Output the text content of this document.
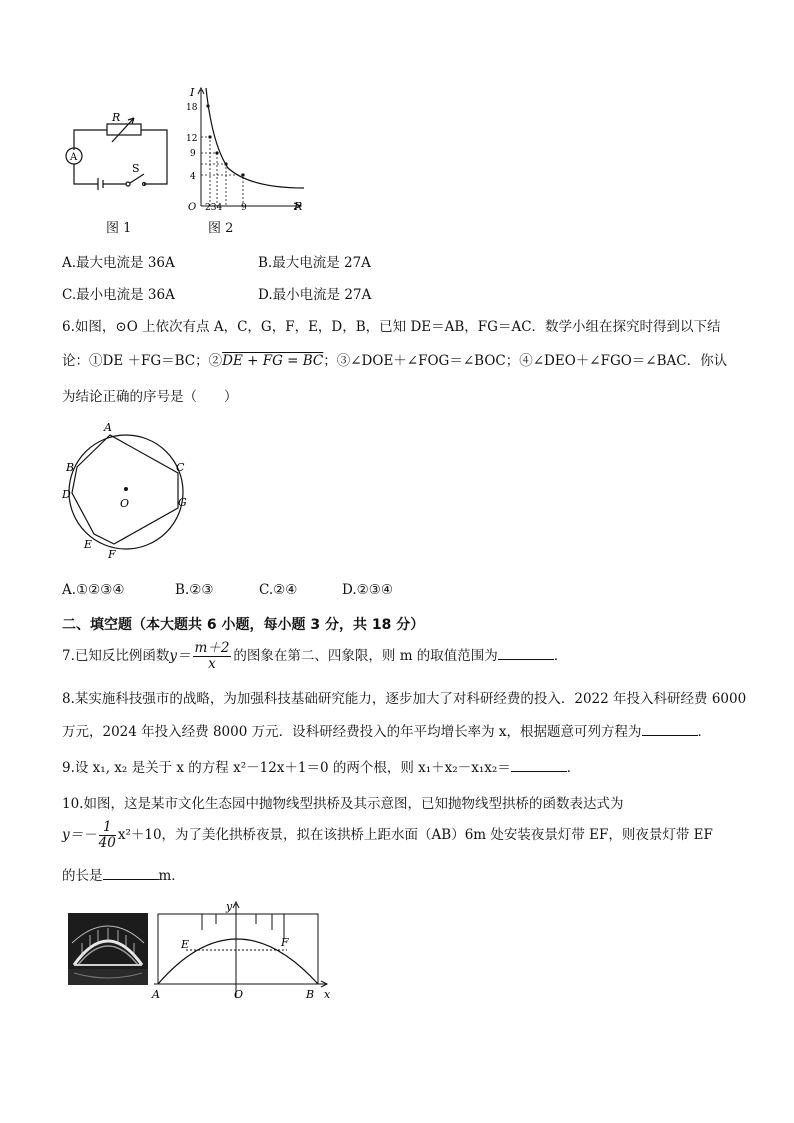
A
R
S
图 1
I
18
12
9
4
O 234 9	R
图 2
A.最大电流是 36A	B.最大电流是 27A
C.最小电流是 36A	D.最小电流是 27A
6.如图，⊙O 上依次有点 A，C，G，F，E，D，B，已知 DE＝AB，FG＝AC．数学小组在探究时得到以下结
论：①DE ＋FG＝BC；②DE + FG = BC；③∠DOE＋∠FOG＝∠BOC；④∠DEO＋∠FGO＝∠BAC．你认
为结论正确的序号是（　　）
A
B	C
D
O	G
E
F
A.①②③④	B.②③	C.②④	D.②③④
二、填空题（本大题共 6 小题，每小题 3 分，共 18 分）
7.已知反比例函数$y= \frac{m+2}{x}$ 的图象在第二、四象限，则 m 的取值范围为	．
8.某实施科技强市的战略，为加强科技基础研究能力，逐步加大了对科研经费的投入．2022 年投入科研经费 6000
万元，2024 年投入经费 8000 万元．设科研经费投入的年平均增长率为 x，根据题意可列方程为	．
9.设 x₁, x₂ 是关于 x 的方程 x²－12x＋1＝0 的两个根，则 x₁＋x₂－x₁x₂＝	．
10.如图，这是某市文化生态园中抛物线型拱桥及其示意图，已知抛物线型拱桥的函数表达式为
$y=- \frac{1}{40} x^2+10$，为了美化拱桥夜景，拟在该拱桥上距水面（AB）6m 处安装夜景灯带 EF，则夜景灯带 EF
的长是	m．
y
E	F
A	O	B x
